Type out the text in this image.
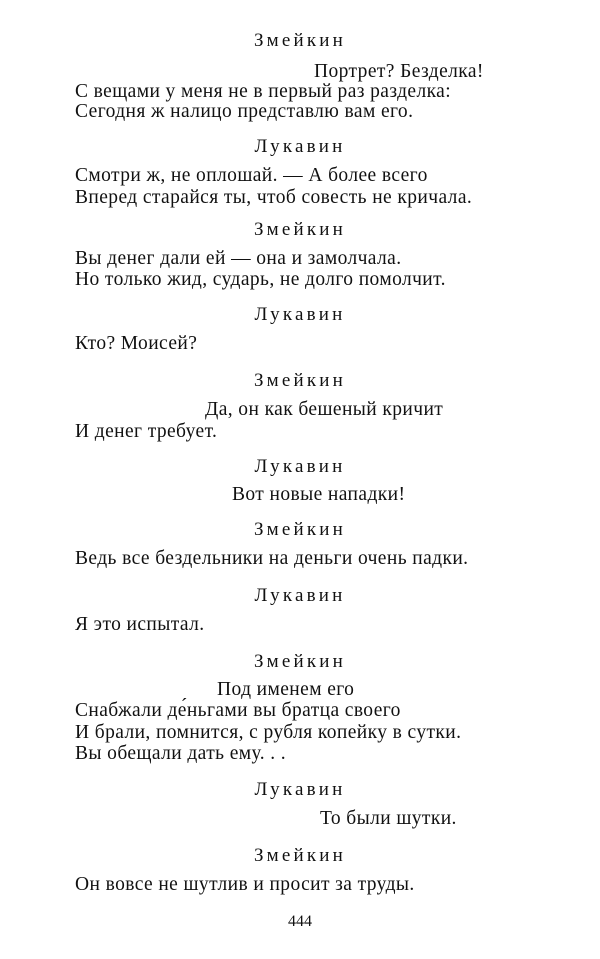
Змейкин
Портрет? Безделка!
С вещами у меня не в первый раз разделка:
Сегодня ж налицо представлю вам его.
Лукавин
Смотри ж, не оплошай. — А более всего
Вперед старайся ты, чтоб совесть не кричала.
Змейкин
Вы денег дали ей — она и замолчала.
Но только жид, сударь, не долго помолчит.
Лукавин
Кто? Моисей?
Змейкин
Да, он как бешеный кричит
И денег требует.
Лукавин
Вот новые нападки!
Змейкин
Ведь все бездельники на деньги очень падки.
Лукавин
Я это испытал.
Змейкин
Под именем его
Снабжали де́ньгами вы братца своего
И брали, помнится, с рубля копейку в сутки.
Вы обещали дать ему. . .
Лукавин
То были шутки.
Змейкин
Он вовсе не шутлив и просит за труды.
444
